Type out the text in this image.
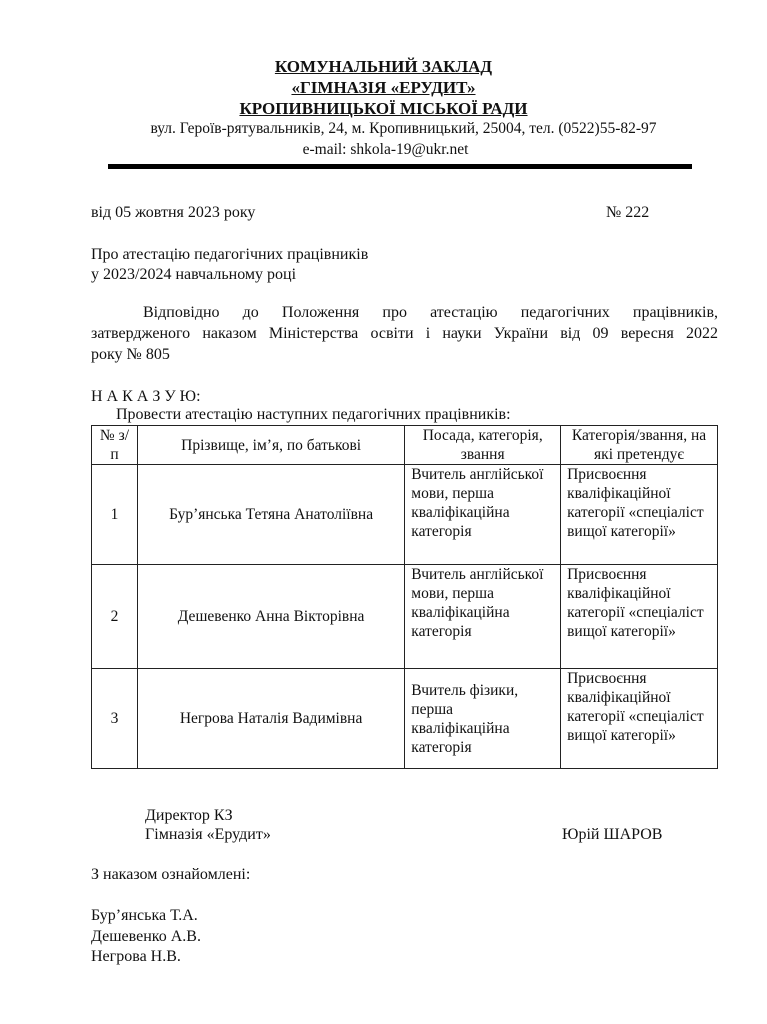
КОМУНАЛЬНИЙ ЗАКЛАД
«ГІМНАЗІЯ «ЕРУДИТ»
КРОПИВНИЦЬКОЇ МІСЬКОЇ РАДИ
вул. Героїв-рятувальників, 24, м. Кропивницький, 25004, тел. (0522)55-82-97
e-mail: shkola-19@ukr.net
від 05 жовтня 2023 року	№ 222
Про атестацію педагогічних працівників
у 2023/2024 навчальному році
Відповідно до Положення про атестацію педагогічних працівників,
затвердженого наказом Міністерства освіти і науки України від 09 вересня 2022
року № 805
Н А К А З У Ю:
Провести атестацію наступних педагогічних працівників:
№ з/п	Прізвище, ім’я, по батькові	Посада, категорія, звання	Категорія/звання, на які претендує
1	Бур’янська Тетяна Анатоліївна	Вчитель англійської мови, перша кваліфікаційна категорія	Присвоєння кваліфікаційної категорії «спеціаліст вищої категорії»
2	Дешевенко Анна Вікторівна	Вчитель англійської мови, перша кваліфікаційна категорія	Присвоєння кваліфікаційної категорії «спеціаліст вищої категорії»
3	Негрова Наталія Вадимівна	Вчитель фізики, перша кваліфікаційна категорія	Присвоєння кваліфікаційної категорії «спеціаліст вищої категорії»
Директор КЗ
Гімназія «Ерудит»	Юрій ШАРОВ
З наказом ознайомлені:
Бур’янська Т.А.
Дешевенко А.В.
Негрова Н.В.
